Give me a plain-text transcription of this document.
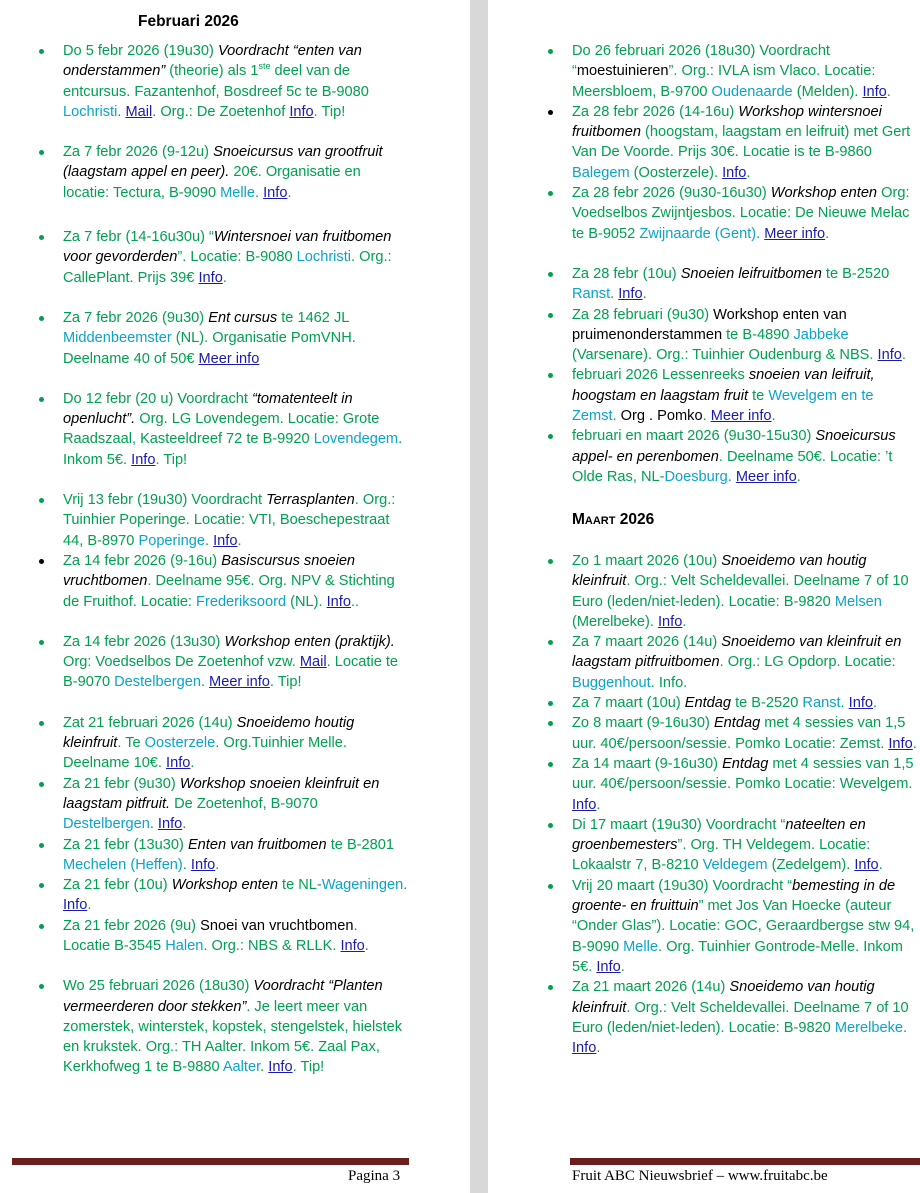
Februari 2026
Do 5 febr 2026 (19u30) Voordracht “enten van onderstammen” (theorie) als 1ste deel van de entcursus. Fazantenhof, Bosdreef 5c te B-9080 Lochristi. Mail. Org.: De Zoetenhof Info. Tip!
Za 7 febr 2026 (9-12u) Snoeicursus van grootfruit (laagstam appel en peer). 20€. Organisatie en locatie: Tectura, B-9090 Melle. Info.
Za 7 febr (14-16u30u) “Wintersnoei van fruitbomen voor gevorderden”. Locatie: B-9080 Lochristi. Org.: CallePlant. Prijs 39€ Info.
Za 7 febr 2026 (9u30) Ent cursus te 1462 JL Middenbeemster (NL). Organisatie PomVNH. Deelname 40 of 50€ Meer info
Do 12 febr (20 u) Voordracht “tomatenteelt in openlucht”. Org. LG Lovendegem. Locatie: Grote Raadszaal, Kasteeldreef 72 te B-9920 Lovendegem. Inkom 5€. Info. Tip!
Vrij 13 febr (19u30) Voordracht Terrasplanten. Org.: Tuinhier Poperinge. Locatie: VTI, Boeschepestraat 44, B-8970 Poperinge. Info.
Za 14 febr 2026 (9-16u) Basiscursus snoeien vruchtbomen. Deelname 95€. Org. NPV & Stichting de Fruithof. Locatie: Frederiksoord (NL). Info..
Za 14 febr 2026 (13u30) Workshop enten (praktijk). Org: Voedselbos De Zoetenhof vzw. Mail. Locatie te B-9070 Destelbergen. Meer info. Tip!
Zat 21 februari 2026 (14u) Snoeidemo houtig kleinfruit. Te Oosterzele. Org.Tuinhier Melle. Deelname 10€. Info.
Za 21 febr (9u30) Workshop snoeien kleinfruit en laagstam pitfruit. De Zoetenhof, B-9070 Destelbergen. Info.
Za 21 febr (13u30) Enten van fruitbomen te B-2801 Mechelen (Heffen). Info.
Za 21 febr (10u) Workshop enten te NL-Wageningen. Info.
Za 21 febr 2026 (9u) Snoei van vruchtbomen. Locatie B-3545 Halen. Org.: NBS & RLLK. Info.
Wo 25 februari 2026 (18u30) Voordracht “Planten vermeerderen door stekken”. Je leert meer van zomerstek, winterstek, kopstek, stengelstek, hielstek en krukstek. Org.: TH Aalter. Inkom 5€. Zaal Pax, Kerkhofweg 1 te B-9880 Aalter. Info. Tip!
Pagina 3
Do 26 februari 2026 (18u30) Voordracht “moestuinieren”. Org.: IVLA ism Vlaco. Locatie: Meersbloem, B-9700 Oudenaarde (Melden). Info.
Za 28 febr 2026 (14-16u) Workshop wintersnoei fruitbomen (hoogstam, laagstam en leifruit) met Gert Van De Voorde. Prijs 30€. Locatie is te B-9860 Balegem (Oosterzele). Info.
Za 28 febr 2026 (9u30-16u30) Workshop enten Org: Voedselbos Zwijntjesbos. Locatie: De Nieuwe Melac te B-9052 Zwijnaarde (Gent). Meer info.
Za 28 febr (10u) Snoeien leifruitbomen te B-2520 Ranst. Info.
Za 28 februari (9u30) Workshop enten van pruimenonderstammen te B-4890 Jabbeke (Varsenare). Org.: Tuinhier Oudenburg & NBS. Info.
februari 2026 Lessenreeks snoeien van leifruit, hoogstam en laagstam fruit te Wevelgem en te Zemst. Org . Pomko. Meer info.
februari en maart 2026 (9u30-15u30) Snoeicursus appel- en perenbomen. Deelname 50€. Locatie: ’t Olde Ras, NL-Doesburg. Meer info.
Maart 2026
Zo 1 maart 2026 (10u) Snoeidemo van houtig kleinfruit. Org.: Velt Scheldevallei. Deelname 7 of 10 Euro (leden/niet-leden). Locatie: B-9820 Melsen (Merelbeke). Info.
Za 7 maart 2026 (14u) Snoeidemo van kleinfruit en laagstam pitfruitbomen. Org.: LG Opdorp. Locatie: Buggenhout. Info.
Za 7 maart (10u) Entdag te B-2520 Ranst. Info.
Zo 8 maart (9-16u30) Entdag met 4 sessies van 1,5 uur. 40€/persoon/sessie. Pomko Locatie: Zemst. Info.
Za 14 maart (9-16u30) Entdag met 4 sessies van 1,5 uur. 40€/persoon/sessie. Pomko Locatie: Wevelgem. Info.
Di 17 maart (19u30) Voordracht “nateelten en groenbemesters”. Org. TH Veldegem. Locatie: Lokaalstr 7, B-8210 Veldegem (Zedelgem). Info.
Vrij 20 maart (19u30) Voordracht “bemesting in de groente- en fruittuin” met Jos Van Hoecke (auteur “Onder Glas”). Locatie: GOC, Geraardbergse stw 94, B-9090 Melle. Org. Tuinhier Gontrode-Melle. Inkom 5€. Info.
Za 21 maart 2026 (14u) Snoeidemo van houtig kleinfruit. Org.: Velt Scheldevallei. Deelname 7 of 10 Euro (leden/niet-leden). Locatie: B-9820 Merelbeke. Info.
Fruit ABC Nieuwsbrief – www.fruitabc.be
